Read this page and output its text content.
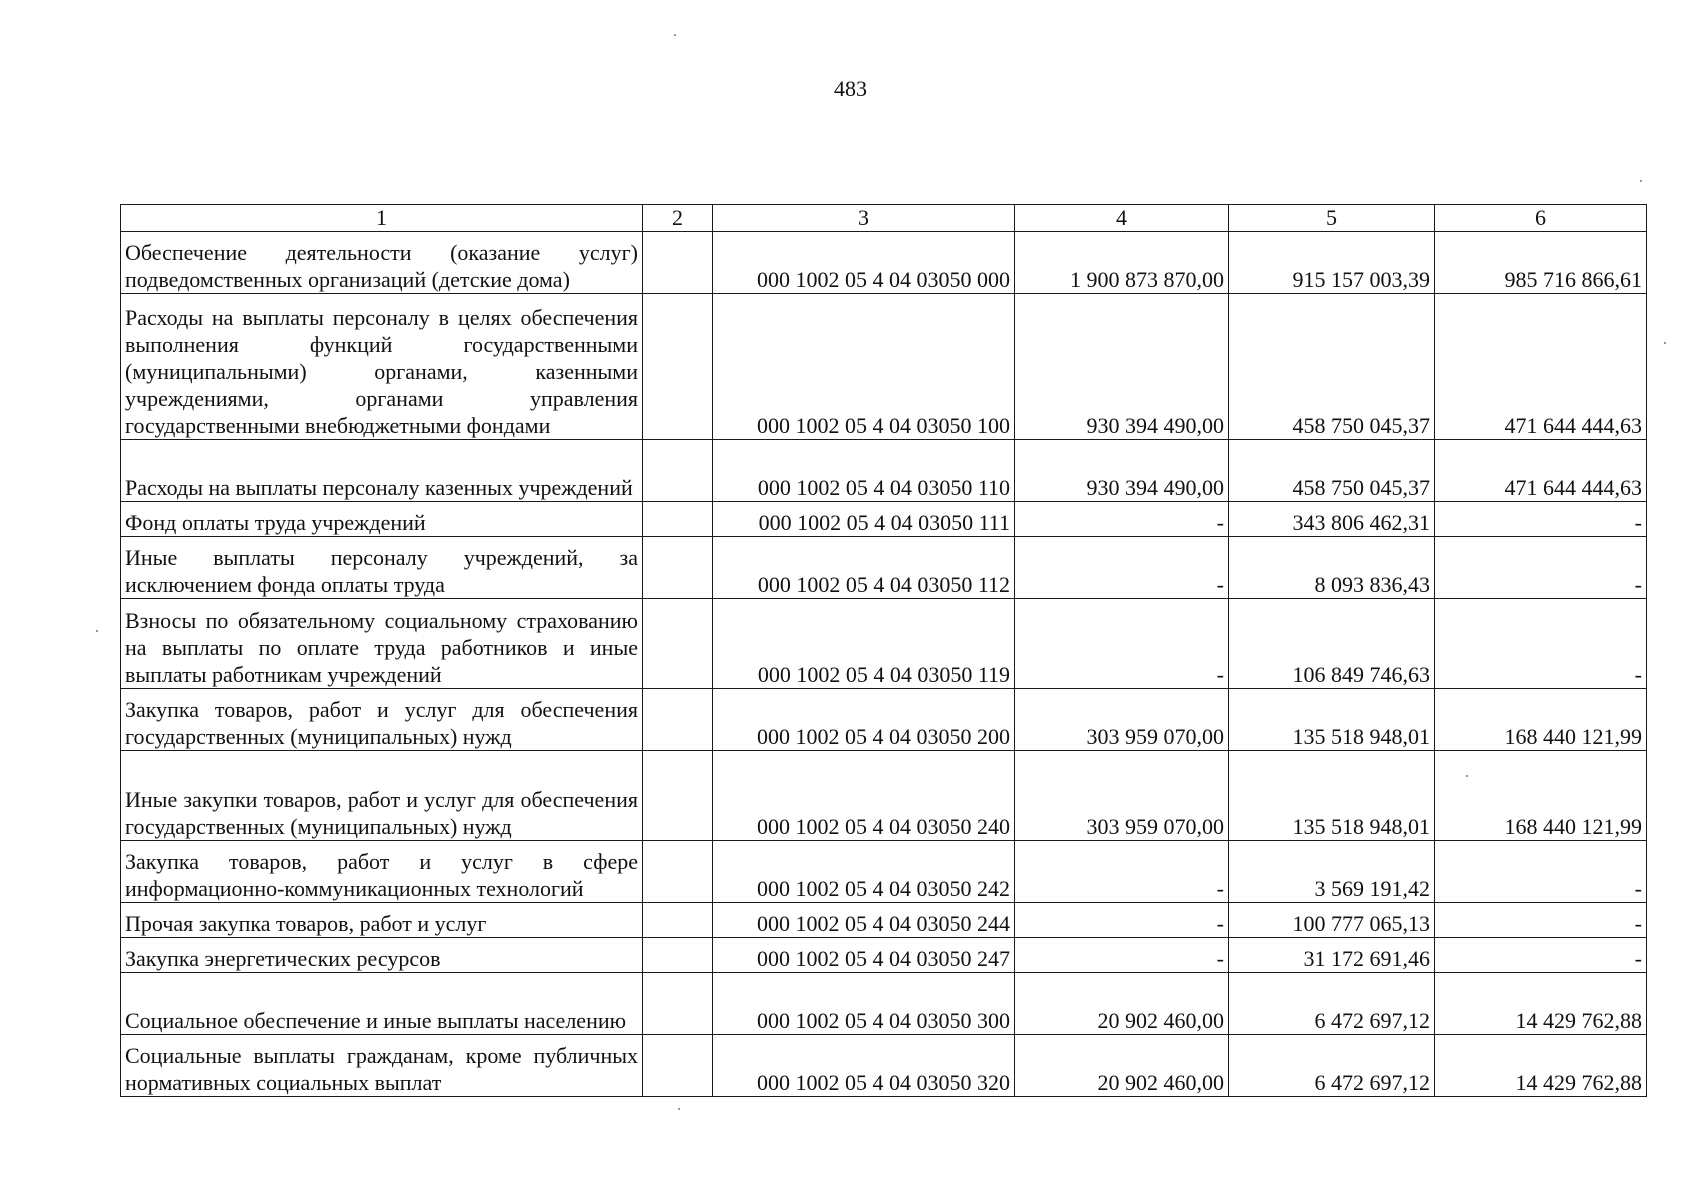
483
1	2	3	4	5	6
Обеспечение деятельности (оказание услуг) подведомственных организаций (детские дома)		000 1002 05 4 04 03050 000	1 900 873 870,00	915 157 003,39	985 716 866,61
Расходы на выплаты персоналу в целях обеспечения выполнения функций государственными (муниципальными) органами, казенными учреждениями, органами управления государственными внебюджетными фондами		000 1002 05 4 04 03050 100	930 394 490,00	458 750 045,37	471 644 444,63
Расходы на выплаты персоналу казенных учреждений		000 1002 05 4 04 03050 110	930 394 490,00	458 750 045,37	471 644 444,63
Фонд оплаты труда учреждений		000 1002 05 4 04 03050 111	-	343 806 462,31	-
Иные выплаты персоналу учреждений, за исключением фонда оплаты труда		000 1002 05 4 04 03050 112	-	8 093 836,43	-
Взносы по обязательному социальному страхованию на выплаты по оплате труда работников и иные выплаты работникам учреждений		000 1002 05 4 04 03050 119	-	106 849 746,63	-
Закупка товаров, работ и услуг для обеспечения государственных (муниципальных) нужд		000 1002 05 4 04 03050 200	303 959 070,00	135 518 948,01	168 440 121,99
Иные закупки товаров, работ и услуг для обеспечения государственных (муниципальных) нужд		000 1002 05 4 04 03050 240	303 959 070,00	135 518 948,01	168 440 121,99
Закупка товаров, работ и услуг в сфере информационно-коммуникационных технологий		000 1002 05 4 04 03050 242	-	3 569 191,42	-
Прочая закупка товаров, работ и услуг		000 1002 05 4 04 03050 244	-	100 777 065,13	-
Закупка энергетических ресурсов		000 1002 05 4 04 03050 247	-	31 172 691,46	-
Социальное обеспечение и иные выплаты населению		000 1002 05 4 04 03050 300	20 902 460,00	6 472 697,12	14 429 762,88
Социальные выплаты гражданам, кроме публичных нормативных социальных выплат		000 1002 05 4 04 03050 320	20 902 460,00	6 472 697,12	14 429 762,88
